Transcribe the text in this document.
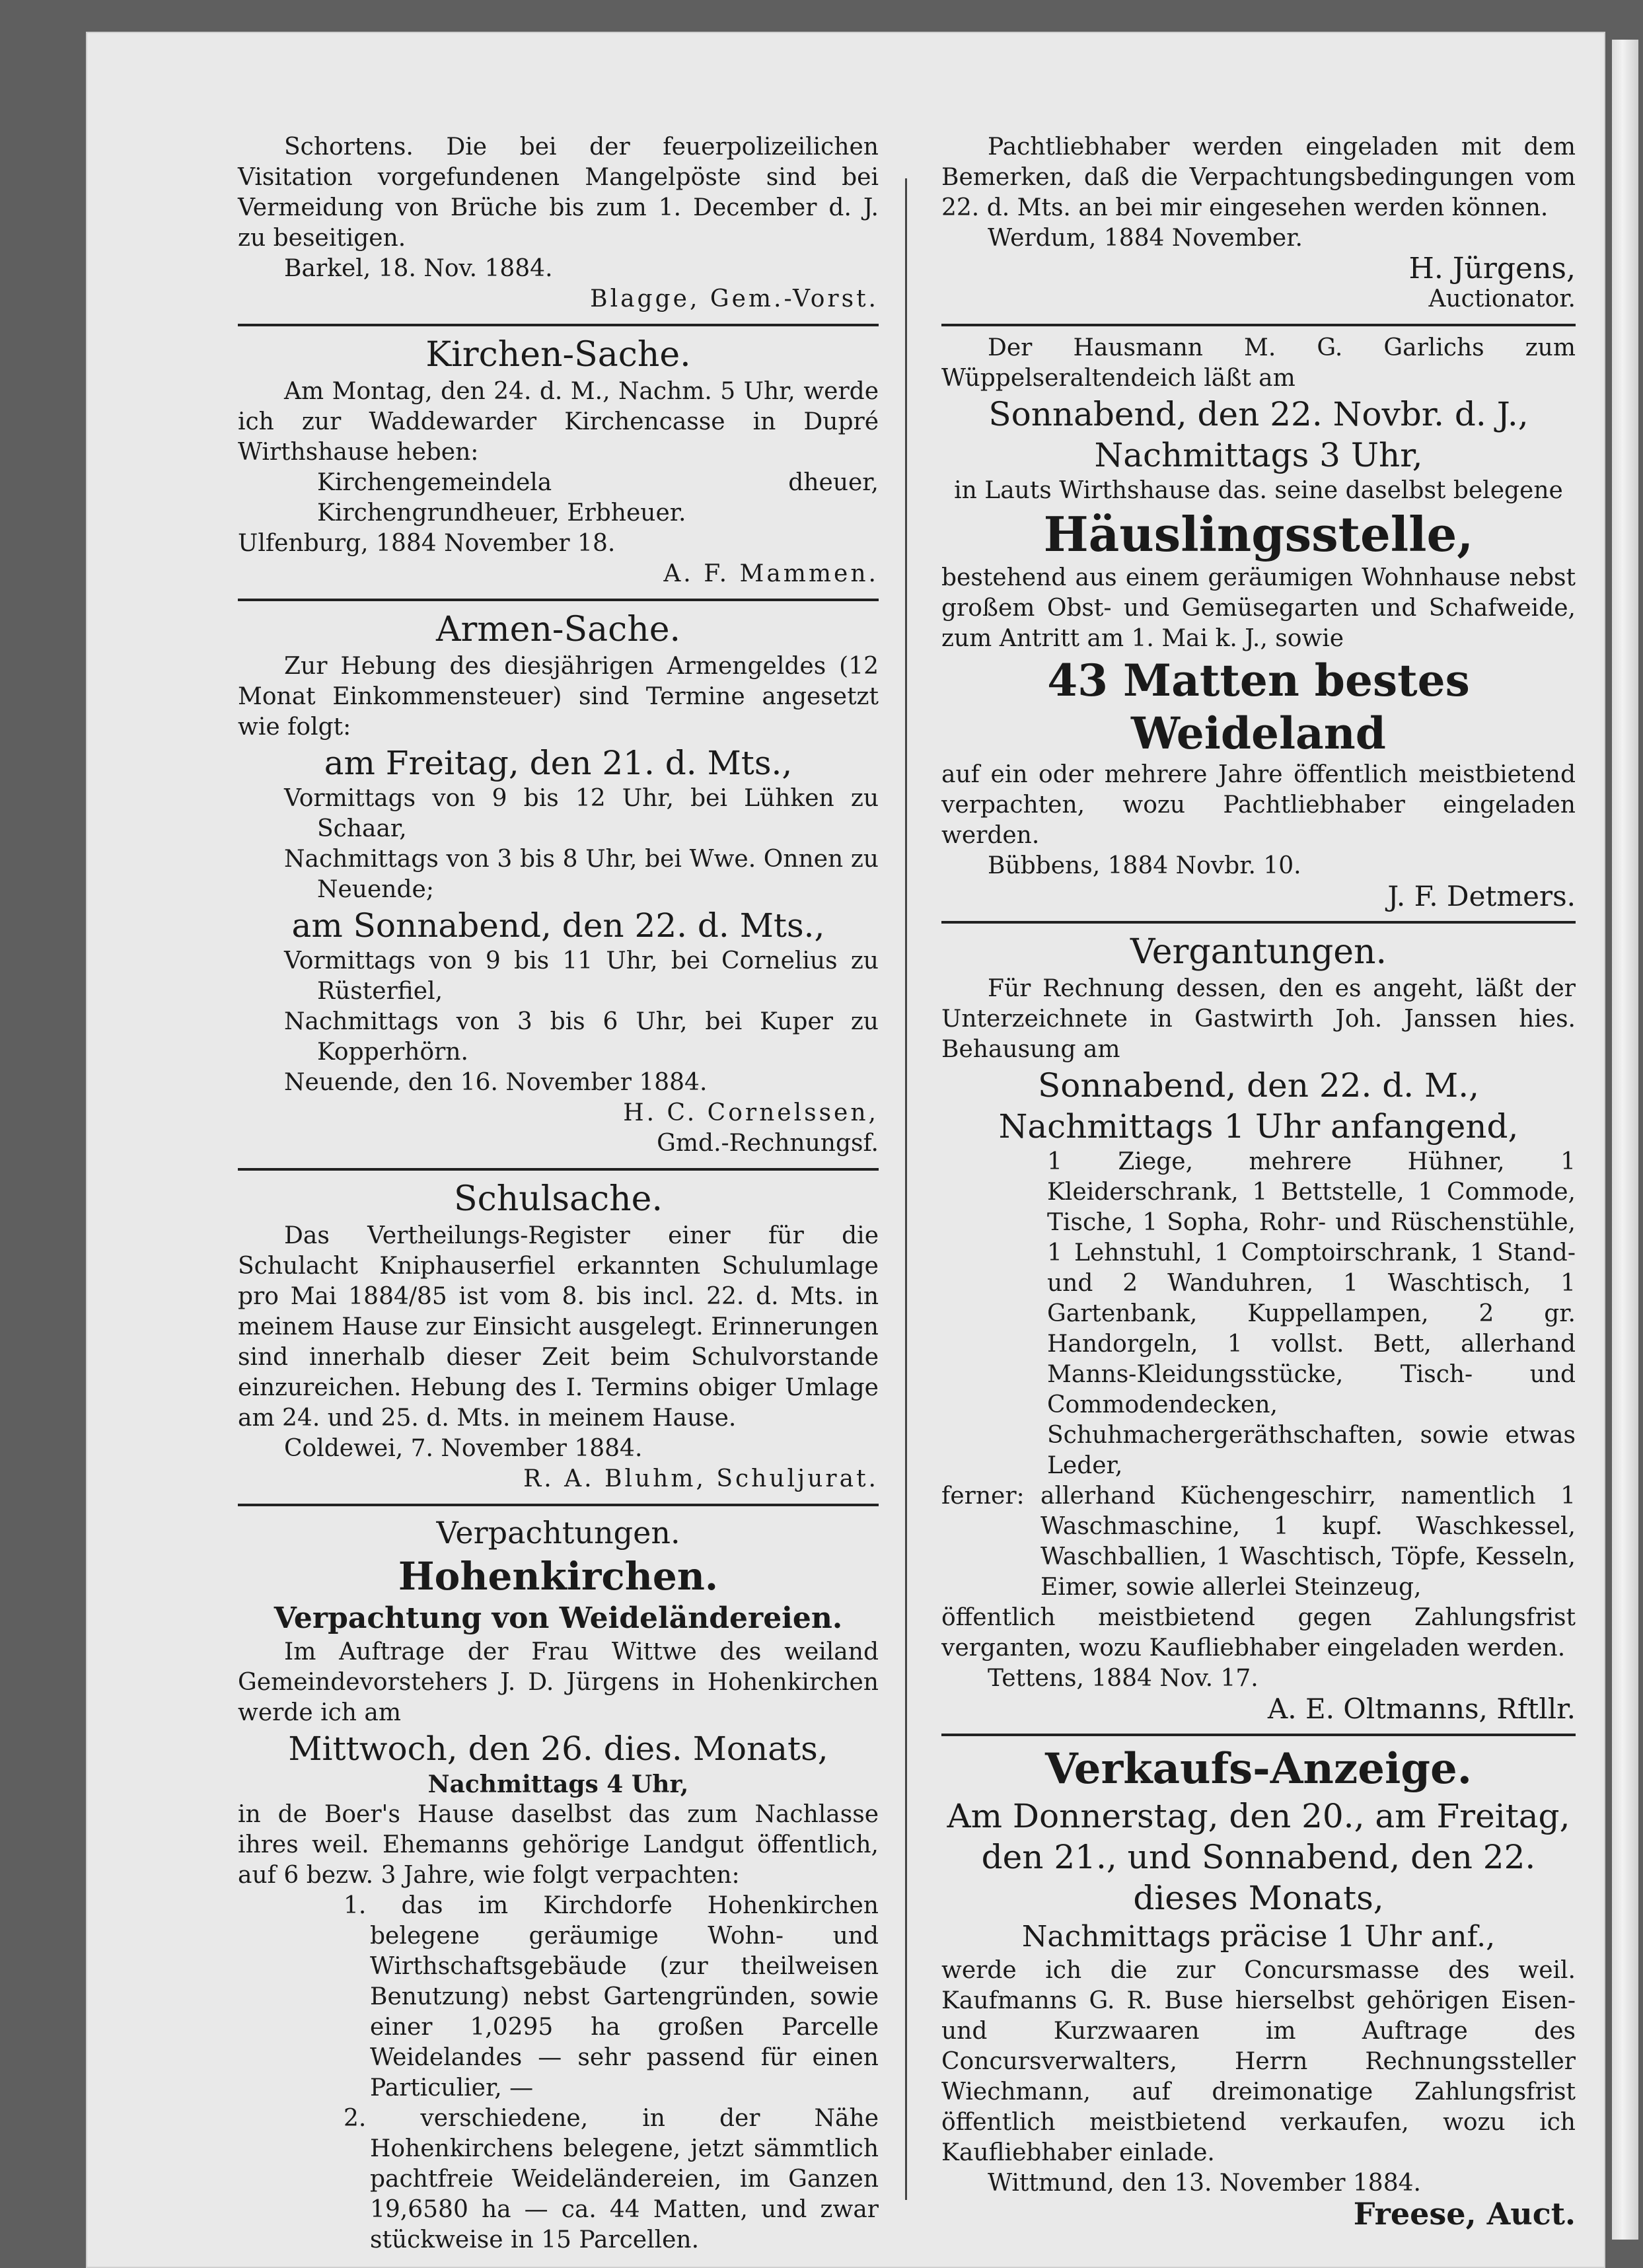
Schortens. Die bei der feuerpolizeilichen Visitation vorgefundenen Mangelpöste sind bei Vermeidung von Brüche bis zum 1. December d. J. zu beseitigen.

Barkel, 18. Nov. 1884.

Blagge, Gem.-Vorst.

Kirchen-Sache.

Am Montag, den 24. d. M., Nachm. 5 Uhr, werde ich zur Waddewarder Kirchencasse in Dupré Wirthshause heben:

Kirchengemeindela dheuer, Kirchengrundheuer, Erbheuer.

Ulfenburg, 1884 November 18.

A. F. Mammen.

Armen-Sache.

Zur Hebung des diesjährigen Armengeldes (12 Monat Einkommensteuer) sind Termine angesetzt wie folgt:

am Freitag, den 21. d. Mts.,

Vormittags von 9 bis 12 Uhr, bei Lühken zu Schaar,

Nachmittags von 3 bis 8 Uhr, bei Wwe. Onnen zu Neuende;

am Sonnabend, den 22. d. Mts.,

Vormittags von 9 bis 11 Uhr, bei Cornelius zu Rüsterfiel,

Nachmittags von 3 bis 6 Uhr, bei Kuper zu Kopperhörn.

Neuende, den 16. November 1884.

H. C. Cornelssen,

Gmd.-Rechnungsf.

Schulsache.

Das Vertheilungs-Register einer für die Schulacht Kniphauserfiel erkannten Schulumlage pro Mai 1884/85 ist vom 8. bis incl. 22. d. Mts. in meinem Hause zur Einsicht ausgelegt. Erinnerungen sind innerhalb dieser Zeit beim Schulvorstande einzureichen. Hebung des I. Termins obiger Umlage am 24. und 25. d. Mts. in meinem Hause.

Coldewei, 7. November 1884.

R. A. Bluhm, Schuljurat.

Verpachtungen.

Hohenkirchen.

Verpachtung von Weideländereien.

Im Auftrage der Frau Wittwe des weiland Gemeindevorstehers J. D. Jürgens in Hohenkirchen werde ich am

Mittwoch, den 26. dies. Monats,

Nachmittags 4 Uhr,

in de Boer's Hause daselbst das zum Nachlasse ihres weil. Ehemanns gehörige Landgut öffentlich, auf 6 bezw. 3 Jahre, wie folgt verpachten:

1. das im Kirchdorfe Hohenkirchen belegene geräumige Wohn- und Wirthschaftsgebäude (zur theilweisen Benutzung) nebst Gartengründen, sowie einer 1,0295 ha großen Parcelle Weidelandes — sehr passend für einen Particulier, —

2. verschiedene, in der Nähe Hohenkirchens belegene, jetzt sämmtlich pachtfreie Weideländereien, im Ganzen 19,6580 ha — ca. 44 Matten, und zwar stückweise in 15 Parcellen.

Pachtliebhaber werden eingeladen mit dem Bemerken, daß die Verpachtungsbedingungen vom 22. d. Mts. an bei mir eingesehen werden können.

Werdum, 1884 November.

H. Jürgens,

Auctionator.

Der Hausmann M. G. Garlichs zum Wüppelseraltendeich läßt am

Sonnabend, den 22. Novbr. d. J.,

Nachmittags 3 Uhr,

in Lauts Wirthshause das. seine daselbst belegene

Häuslingsstelle,

bestehend aus einem geräumigen Wohnhause nebst großem Obst- und Gemüsegarten und Schafweide, zum Antritt am 1. Mai k. J., sowie

43 Matten bestes Weideland

auf ein oder mehrere Jahre öffentlich meistbietend verpachten, wozu Pachtliebhaber eingeladen werden.

Bübbens, 1884 Novbr. 10.

J. F. Detmers.

Vergantungen.

Für Rechnung dessen, den es angeht, läßt der Unterzeichnete in Gastwirth Joh. Janssen hies. Behausung am

Sonnabend, den 22. d. M.,

Nachmittags 1 Uhr anfangend,

1 Ziege, mehrere Hühner, 1 Kleiderschrank, 1 Bettstelle, 1 Commode, Tische, 1 Sopha, Rohr- und Rüschenstühle, 1 Lehnstuhl, 1 Comptoirschrank, 1 Stand- und 2 Wanduhren, 1 Waschtisch, 1 Gartenbank, Kuppellampen, 2 gr. Handorgeln, 1 vollst. Bett, allerhand Manns-Kleidungsstücke, Tisch- und Commodendecken, Schuhmachergeräthschaften, sowie etwas Leder,

ferner: allerhand Küchengeschirr, namentlich 1 Waschmaschine, 1 kupf. Waschkessel, Waschballien, 1 Waschtisch, Töpfe, Kesseln, Eimer, sowie allerlei Steinzeug,

öffentlich meistbietend gegen Zahlungsfrist verganten, wozu Kaufliebhaber eingeladen werden.

Tettens, 1884 Nov. 17.

A. E. Oltmanns, Rftllr.

Verkaufs-Anzeige.

Am Donnerstag, den 20., am Freitag, den 21., und Sonnabend, den 22. dieses Monats,

Nachmittags präcise 1 Uhr anf.,

werde ich die zur Concursmasse des weil. Kaufmanns G. R. Buse hierselbst gehörigen Eisen- und Kurzwaaren im Auftrage des Concursverwalters, Herrn Rechnungssteller Wiechmann, auf dreimonatige Zahlungsfrist öffentlich meistbietend verkaufen, wozu ich Kaufliebhaber einlade.

Wittmund, den 13. November 1884.

Freese, Auct.
